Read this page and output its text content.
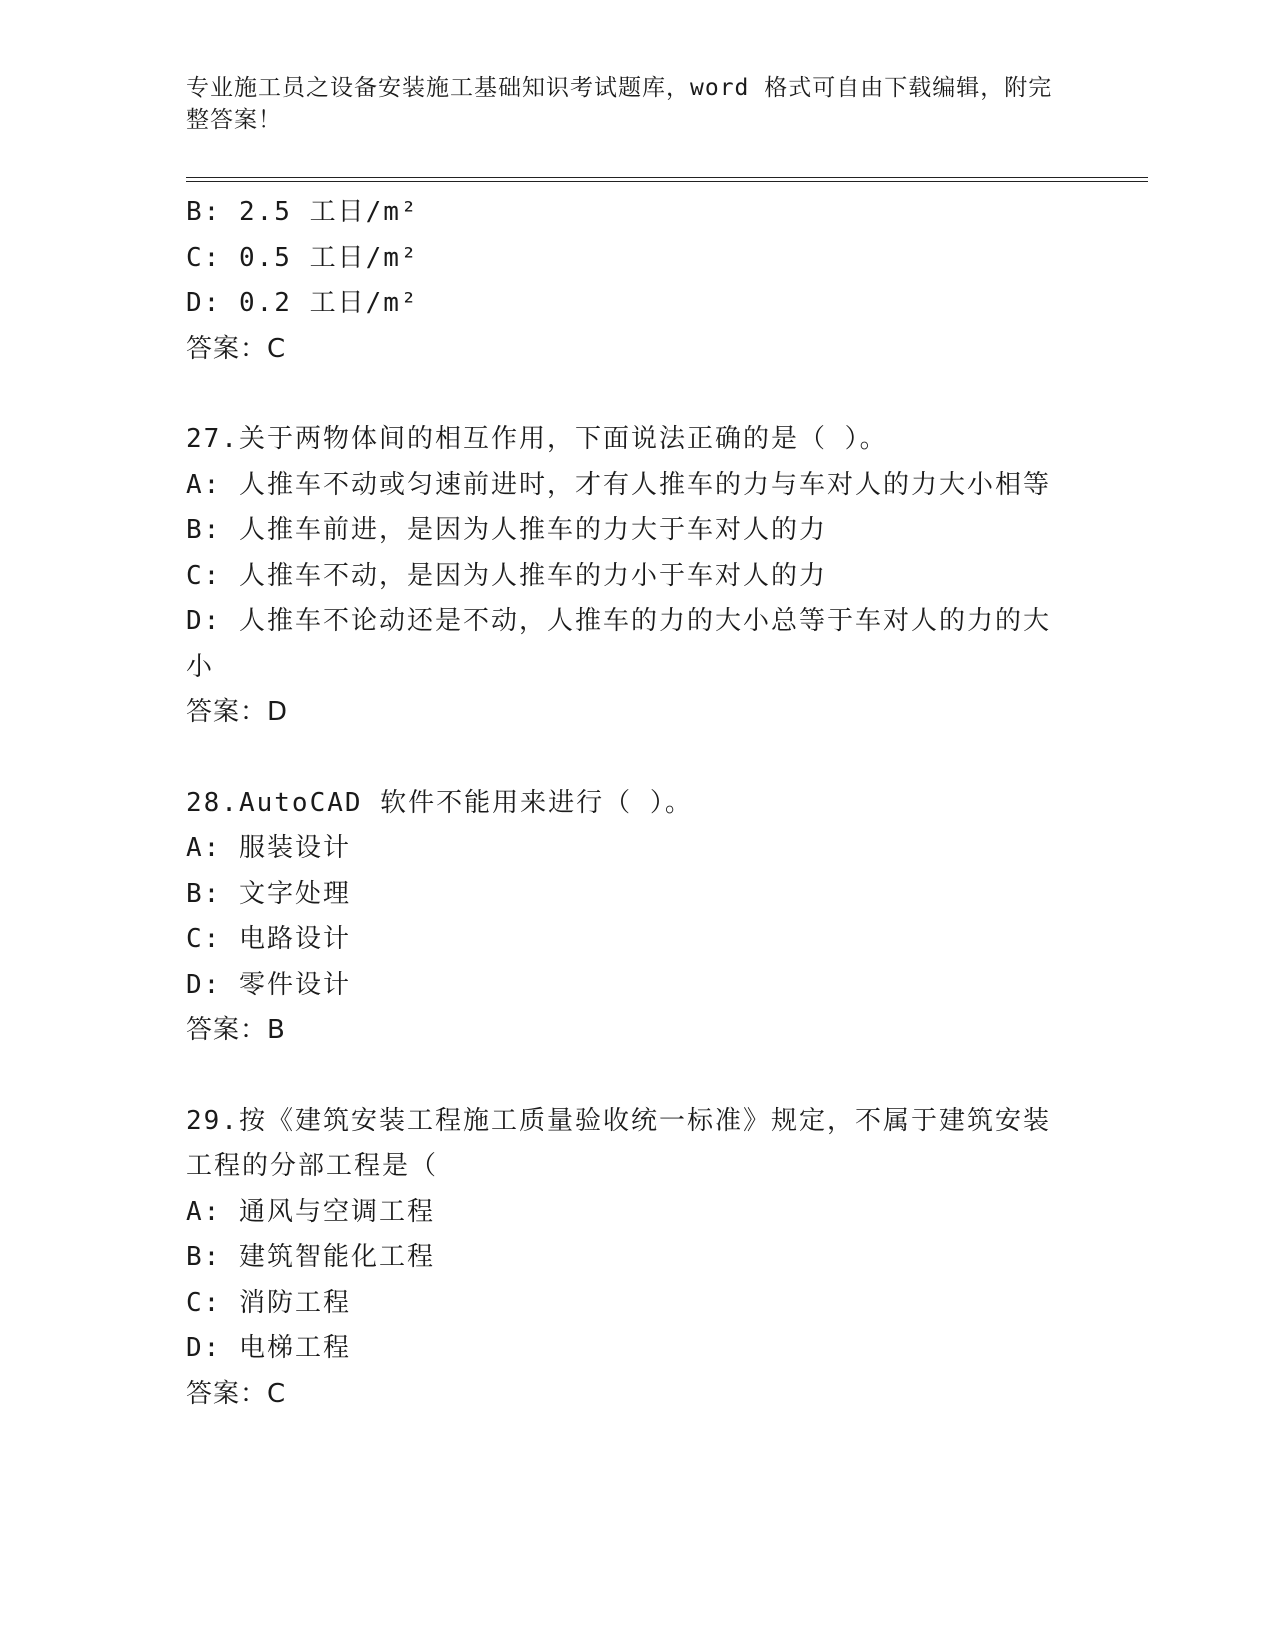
专业施工员之设备安装施工基础知识考试题库，word 格式可自由下载编辑，附完
整答案！
B: 2.5 工日/m²
C: 0.5 工日/m²
D: 0.2 工日/m²
答案：C
27.关于两物体间的相互作用，下面说法正确的是（ ）。
A: 人推车不动或匀速前进时，才有人推车的力与车对人的力大小相等
B: 人推车前进，是因为人推车的力大于车对人的力
C: 人推车不动，是因为人推车的力小于车对人的力
D: 人推车不论动还是不动，人推车的力的大小总等于车对人的力的大
小
答案：D
28.AutoCAD 软件不能用来进行（ ）。
A: 服装设计
B: 文字处理
C: 电路设计
D: 零件设计
答案：B
29.按《建筑安装工程施工质量验收统一标准》规定，不属于建筑安装
工程的分部工程是（
A: 通风与空调工程
B: 建筑智能化工程
C: 消防工程
D: 电梯工程
答案：C
